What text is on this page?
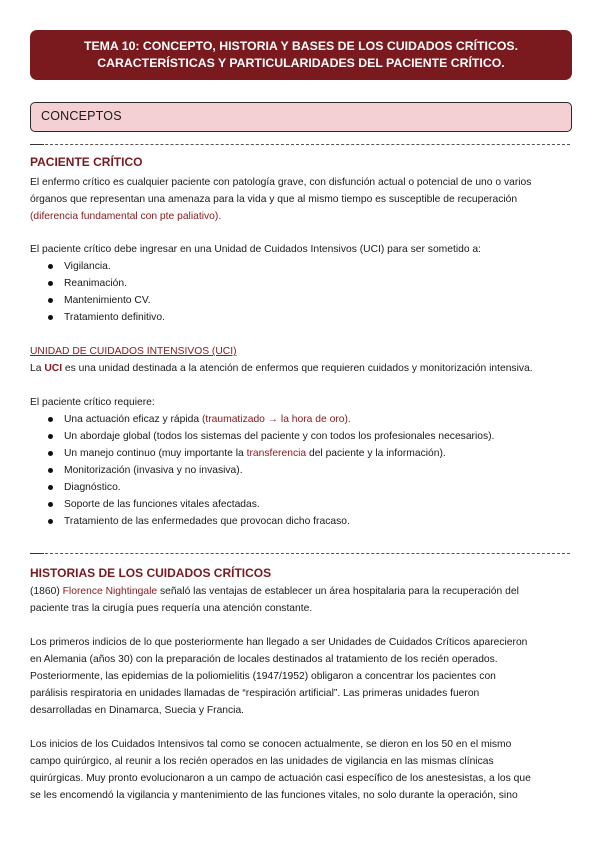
TEMA 10: CONCEPTO, HISTORIA Y BASES DE LOS CUIDADOS CRÍTICOS.
CARACTERÍSTICAS Y PARTICULARIDADES DEL PACIENTE CRÍTICO.
CONCEPTOS
PACIENTE CRÍTICO
El enfermo crítico es cualquier paciente con patología grave, con disfunción actual o potencial de uno o varios
órganos que representan una amenaza para la vida y que al mismo tiempo es susceptible de recuperación
(diferencia fundamental con pte paliativo).
El paciente crítico debe ingresar en una Unidad de Cuidados Intensivos (UCI) para ser sometido a:
Vigilancia.
Reanimación.
Mantenimiento CV.
Tratamiento definitivo.
UNIDAD DE CUIDADOS INTENSIVOS (UCI)
La UCI es una unidad destinada a la atención de enfermos que requieren cuidados y monitorización intensiva.
El paciente crítico requiere:
Una actuación eficaz y rápida (traumatizado → la hora de oro).
Un abordaje global (todos los sistemas del paciente y con todos los profesionales necesarios).
Un manejo continuo (muy importante la transferencia del paciente y la información).
Monitorización (invasiva y no invasiva).
Diagnóstico.
Soporte de las funciones vitales afectadas.
Tratamiento de las enfermedades que provocan dicho fracaso.
HISTORIAS DE LOS CUIDADOS CRÍTICOS
(1860) Florence Nightingale señaló las ventajas de establecer un área hospitalaria para la recuperación del
paciente tras la cirugía pues requería una atención constante.
Los primeros indicios de lo que posteriormente han llegado a ser Unidades de Cuidados Críticos aparecieron
en Alemania (años 30) con la preparación de locales destinados al tratamiento de los recién operados.
Posteriormente, las epidemias de la poliomielitis (1947/1952) obligaron a concentrar los pacientes con
parálisis respiratoria en unidades llamadas de “respiración artificial”. Las primeras unidades fueron
desarrolladas en Dinamarca, Suecia y Francia.
Los inicios de los Cuidados Intensivos tal como se conocen actualmente, se dieron en los 50 en el mismo
campo quirúrgico, al reunir a los recién operados en las unidades de vigilancia en las mismas clínicas
quirúrgicas. Muy pronto evolucionaron a un campo de actuación casi específico de los anestesistas, a los que
se les encomendó la vigilancia y mantenimiento de las funciones vitales, no solo durante la operación, sino
